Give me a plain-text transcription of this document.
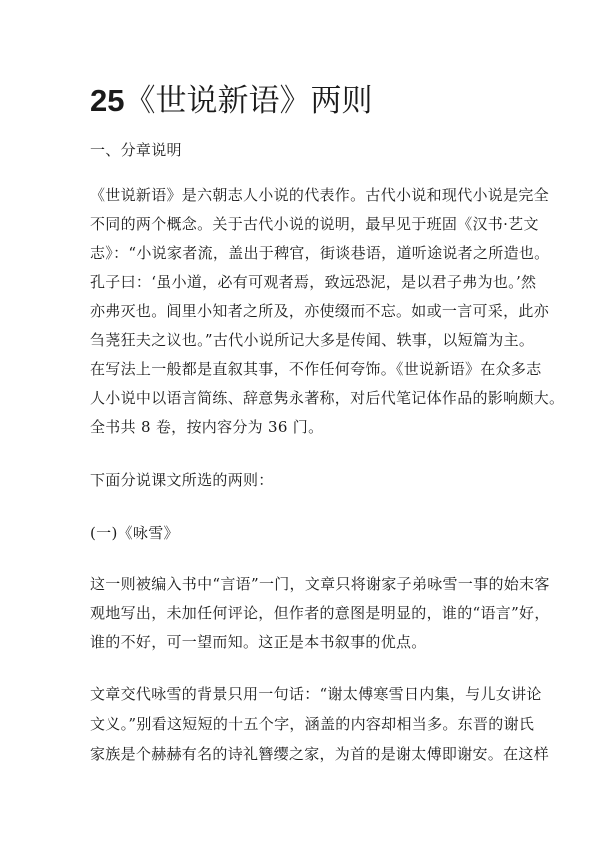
25《世说新语》两则
一、分章说明
《世说新语》是六朝志人小说的代表作。古代小说和现代小说是完全
不同的两个概念。关于古代小说的说明，最早见于班固《汉书·艺文
志》：“小说家者流，盖出于稗官，街谈巷语，道听途说者之所造也。
孔子曰：‘虽小道，必有可观者焉，致远恐泥，是以君子弗为也。’然
亦弗灭也。闾里小知者之所及，亦使缀而不忘。如或一言可采，此亦
刍荛狂夫之议也。”古代小说所记大多是传闻、轶事，以短篇为主。
在写法上一般都是直叙其事，不作任何夸饰。《世说新语》在众多志
人小说中以语言简练、辞意隽永著称，对后代笔记体作品的影响颇大。
全书共 8 卷，按内容分为 36 门。
下面分说课文所选的两则：
(一)《咏雪》
这一则被编入书中“言语”一门，文章只将谢家子弟咏雪一事的始末客
观地写出，未加任何评论，但作者的意图是明显的，谁的“语言”好，
谁的不好，可一望而知。这正是本书叙事的优点。
文章交代咏雪的背景只用一句话：“谢太傅寒雪日内集，与儿女讲论
文义。”别看这短短的十五个字，涵盖的内容却相当多。东晋的谢氏
家族是个赫赫有名的诗礼簪缨之家，为首的是谢太傅即谢安。在这样
